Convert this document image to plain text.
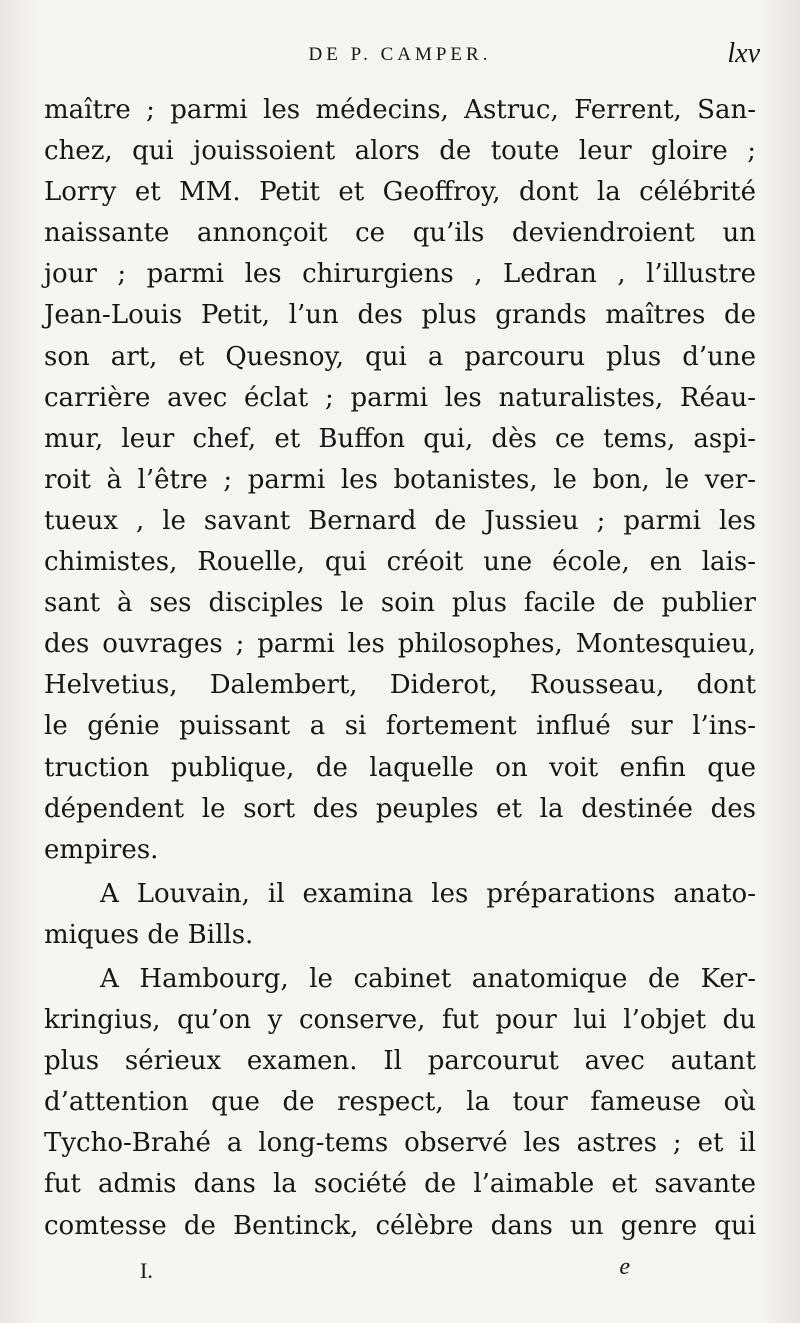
DE P. CAMPER.	lxv
maître ; parmi les médecins, Astruc, Ferrent, San-
chez, qui jouissoient alors de toute leur gloire ;
Lorry et MM. Petit et Geoffroy, dont la célébrité
naissante annonçoit ce qu’ils deviendroient un
jour ; parmi les chirurgiens , Ledran , l’illustre
Jean-Louis Petit, l’un des plus grands maîtres de
son art, et Quesnoy, qui a parcouru plus d’une
carrière avec éclat ; parmi les naturalistes, Réau-
mur, leur chef, et Buffon qui, dès ce tems, aspi-
roit à l’être ; parmi les botanistes, le bon, le ver-
tueux , le savant Bernard de Jussieu ; parmi les
chimistes, Rouelle, qui créoit une école, en lais-
sant à ses disciples le soin plus facile de publier
des ouvrages ; parmi les philosophes, Montesquieu,
Helvetius, Dalembert, Diderot, Rousseau, dont
le génie puissant a si fortement influé sur l’ins-
truction publique, de laquelle on voit enfin que
dépendent le sort des peuples et la destinée des
empires.
A Louvain, il examina les préparations anato-
miques de Bills.
A Hambourg, le cabinet anatomique de Ker-
kringius, qu’on y conserve, fut pour lui l’objet du
plus sérieux examen. Il parcourut avec autant
d’attention que de respect, la tour fameuse où
Tycho-Brahé a long-tems observé les astres ; et il
fut admis dans la société de l’aimable et savante
comtesse de Bentinck, célèbre dans un genre qui
I.	e
